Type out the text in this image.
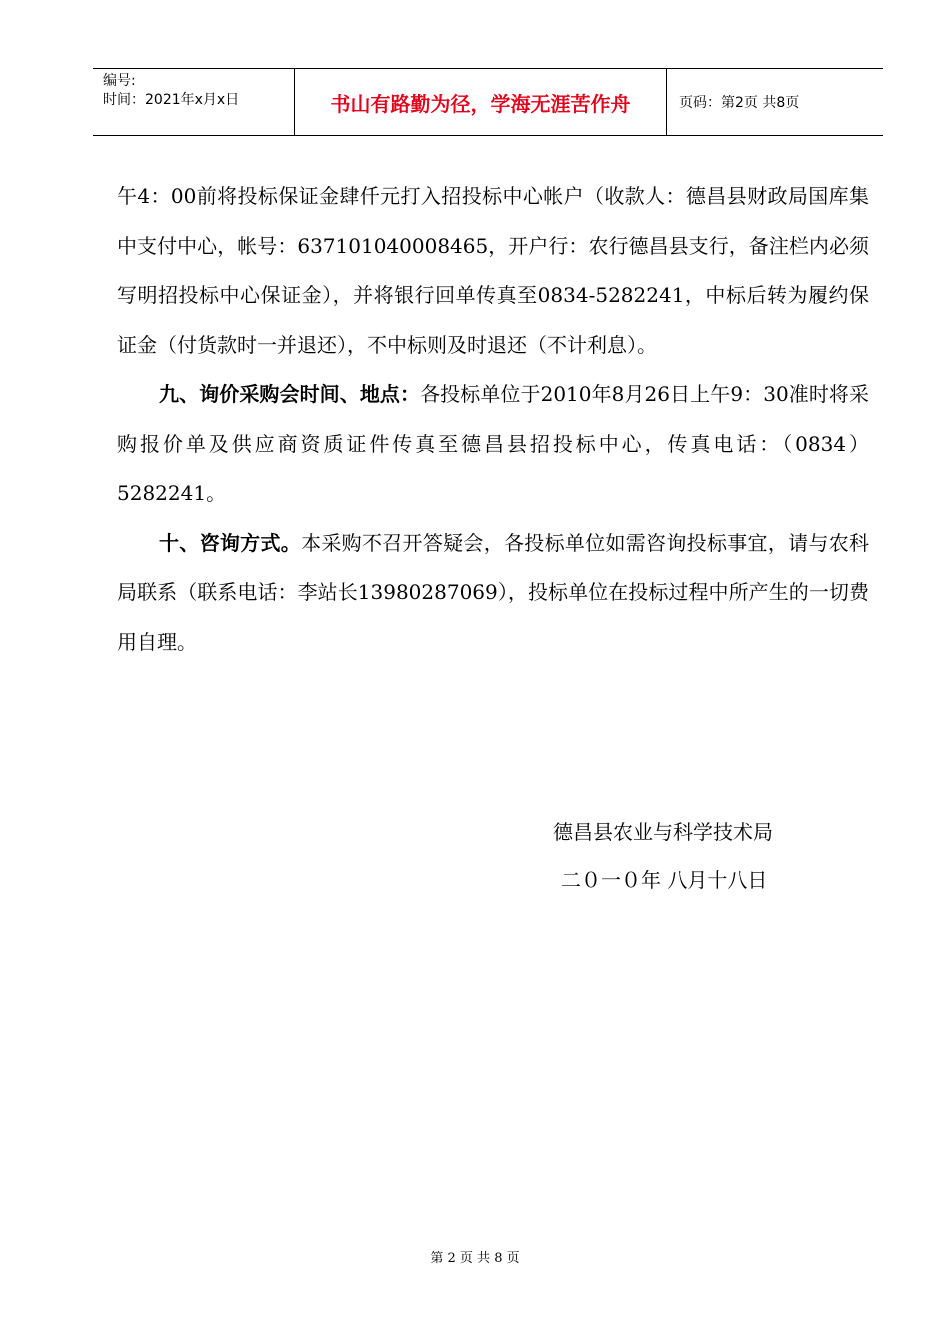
编号:
时间：2021年x月x日	书山有路勤为径，学海无涯苦作舟	页码：第2页 共8页

午4：00前将投标保证金肆仟元打入招投标中心帐户（收款人：德昌县财政局国库集中支付中心，帐号：637101040008465，开户行：农行德昌县支行，备注栏内必须写明招投标中心保证金），并将银行回单传真至0834-5282241，中标后转为履约保证金（付货款时一并退还），不中标则及时退还（不计利息）。

九、询价采购会时间、地点：各投标单位于2010年8月26日上午9：30准时将采购报价单及供应商资质证件传真至德昌县招投标中心，传真电话：（0834）5282241。

十、咨询方式。本采购不召开答疑会，各投标单位如需咨询投标事宜，请与农科局联系（联系电话：李站长13980287069），投标单位在投标过程中所产生的一切费用自理。

德昌县农业与科学技术局
二０一０年 八月十八日
第 2 页 共 8 页
